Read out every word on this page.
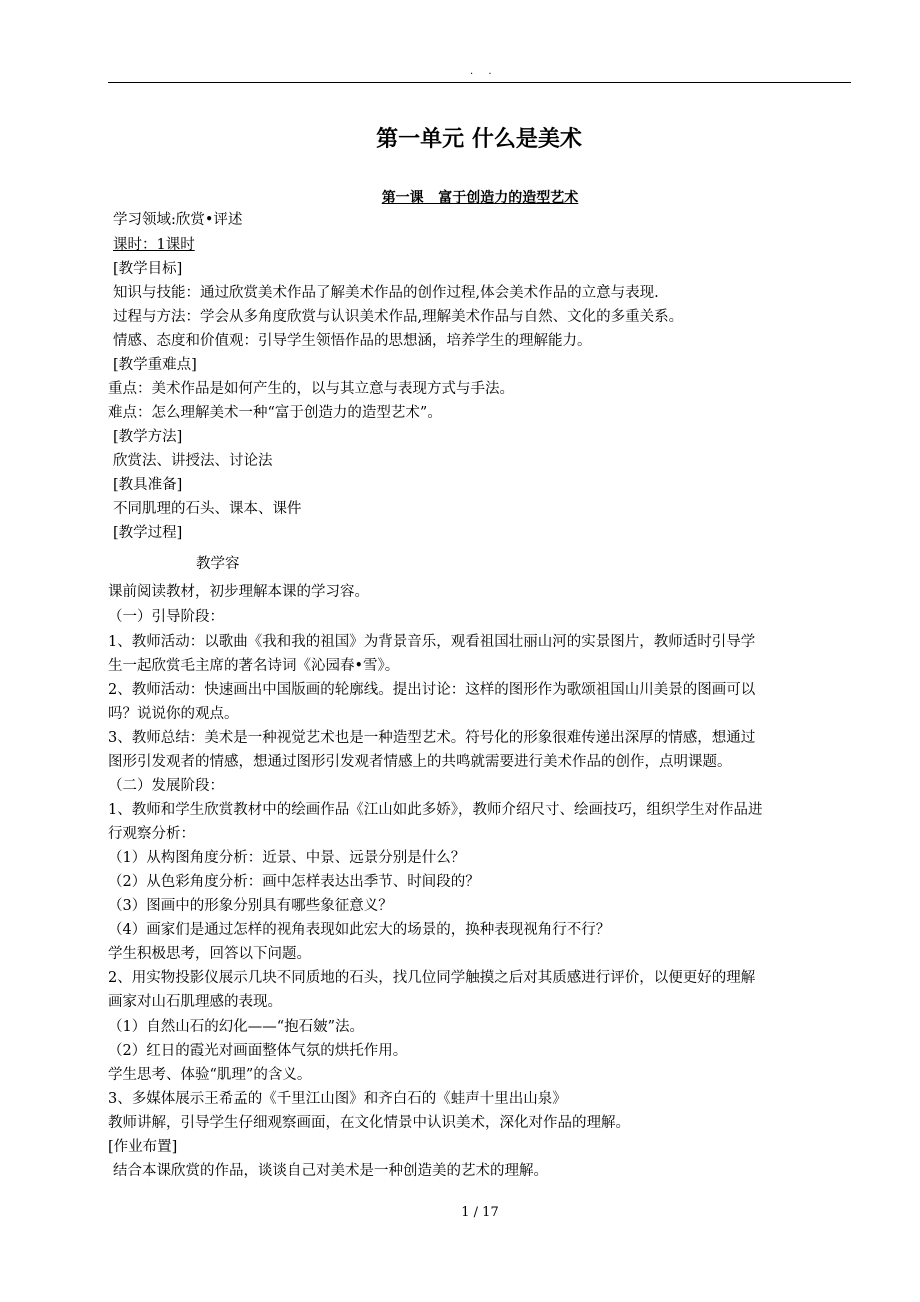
. .
第一单元 什么是美术
第一课   富于创造力的造型艺术
学习领域:欣赏•评述
课时：1课时
[教学目标]
知识与技能：通过欣赏美术作品了解美术作品的创作过程,体会美术作品的立意与表现.
过程与方法：学会从多角度欣赏与认识美术作品,理解美术作品与自然、文化的多重关系。
情感、态度和价值观：引导学生领悟作品的思想涵，培养学生的理解能力。
[教学重难点]
重点：美术作品是如何产生的，以与其立意与表现方式与手法。
难点：怎么理解美术一种“富于创造力的造型艺术”。
[教学方法]
欣赏法、讲授法、讨论法
[教具准备]
不同肌理的石头、课本、课件
[教学过程]
教学容
课前阅读教材，初步理解本课的学习容。
（一）引导阶段：
1、教师活动：以歌曲《我和我的祖国》为背景音乐，观看祖国壮丽山河的实景图片，教师适时引导学
生一起欣赏毛主席的著名诗词《沁园春•雪》。
2、教师活动：快速画出中国版画的轮廓线。提出讨论：这样的图形作为歌颂祖国山川美景的图画可以
吗？说说你的观点。
3、教师总结：美术是一种视觉艺术也是一种造型艺术。符号化的形象很难传递出深厚的情感，想通过
图形引发观者的情感，想通过图形引发观者情感上的共鸣就需要进行美术作品的创作，点明课题。
（二）发展阶段：
1、教师和学生欣赏教材中的绘画作品《江山如此多娇》，教师介绍尺寸、绘画技巧，组织学生对作品进
行观察分析：
（1）从构图角度分析：近景、中景、远景分别是什么？
（2）从色彩角度分析：画中怎样表达出季节、时间段的？
（3）图画中的形象分别具有哪些象征意义？
（4）画家们是通过怎样的视角表现如此宏大的场景的，换种表现视角行不行？
学生积极思考，回答以下问题。
2、用实物投影仪展示几块不同质地的石头，找几位同学触摸之后对其质感进行评价，以便更好的理解
画家对山石肌理感的表现。
（1）自然山石的幻化——“抱石皴”法。
（2）红日的霞光对画面整体气氛的烘托作用。
学生思考、体验“肌理”的含义。
3、多媒体展示王希孟的《千里江山图》和齐白石的《蛙声十里出山泉》
教师讲解，引导学生仔细观察画面，在文化情景中认识美术，深化对作品的理解。
[作业布置]
结合本课欣赏的作品，谈谈自己对美术是一种创造美的艺术的理解。
1 / 17
